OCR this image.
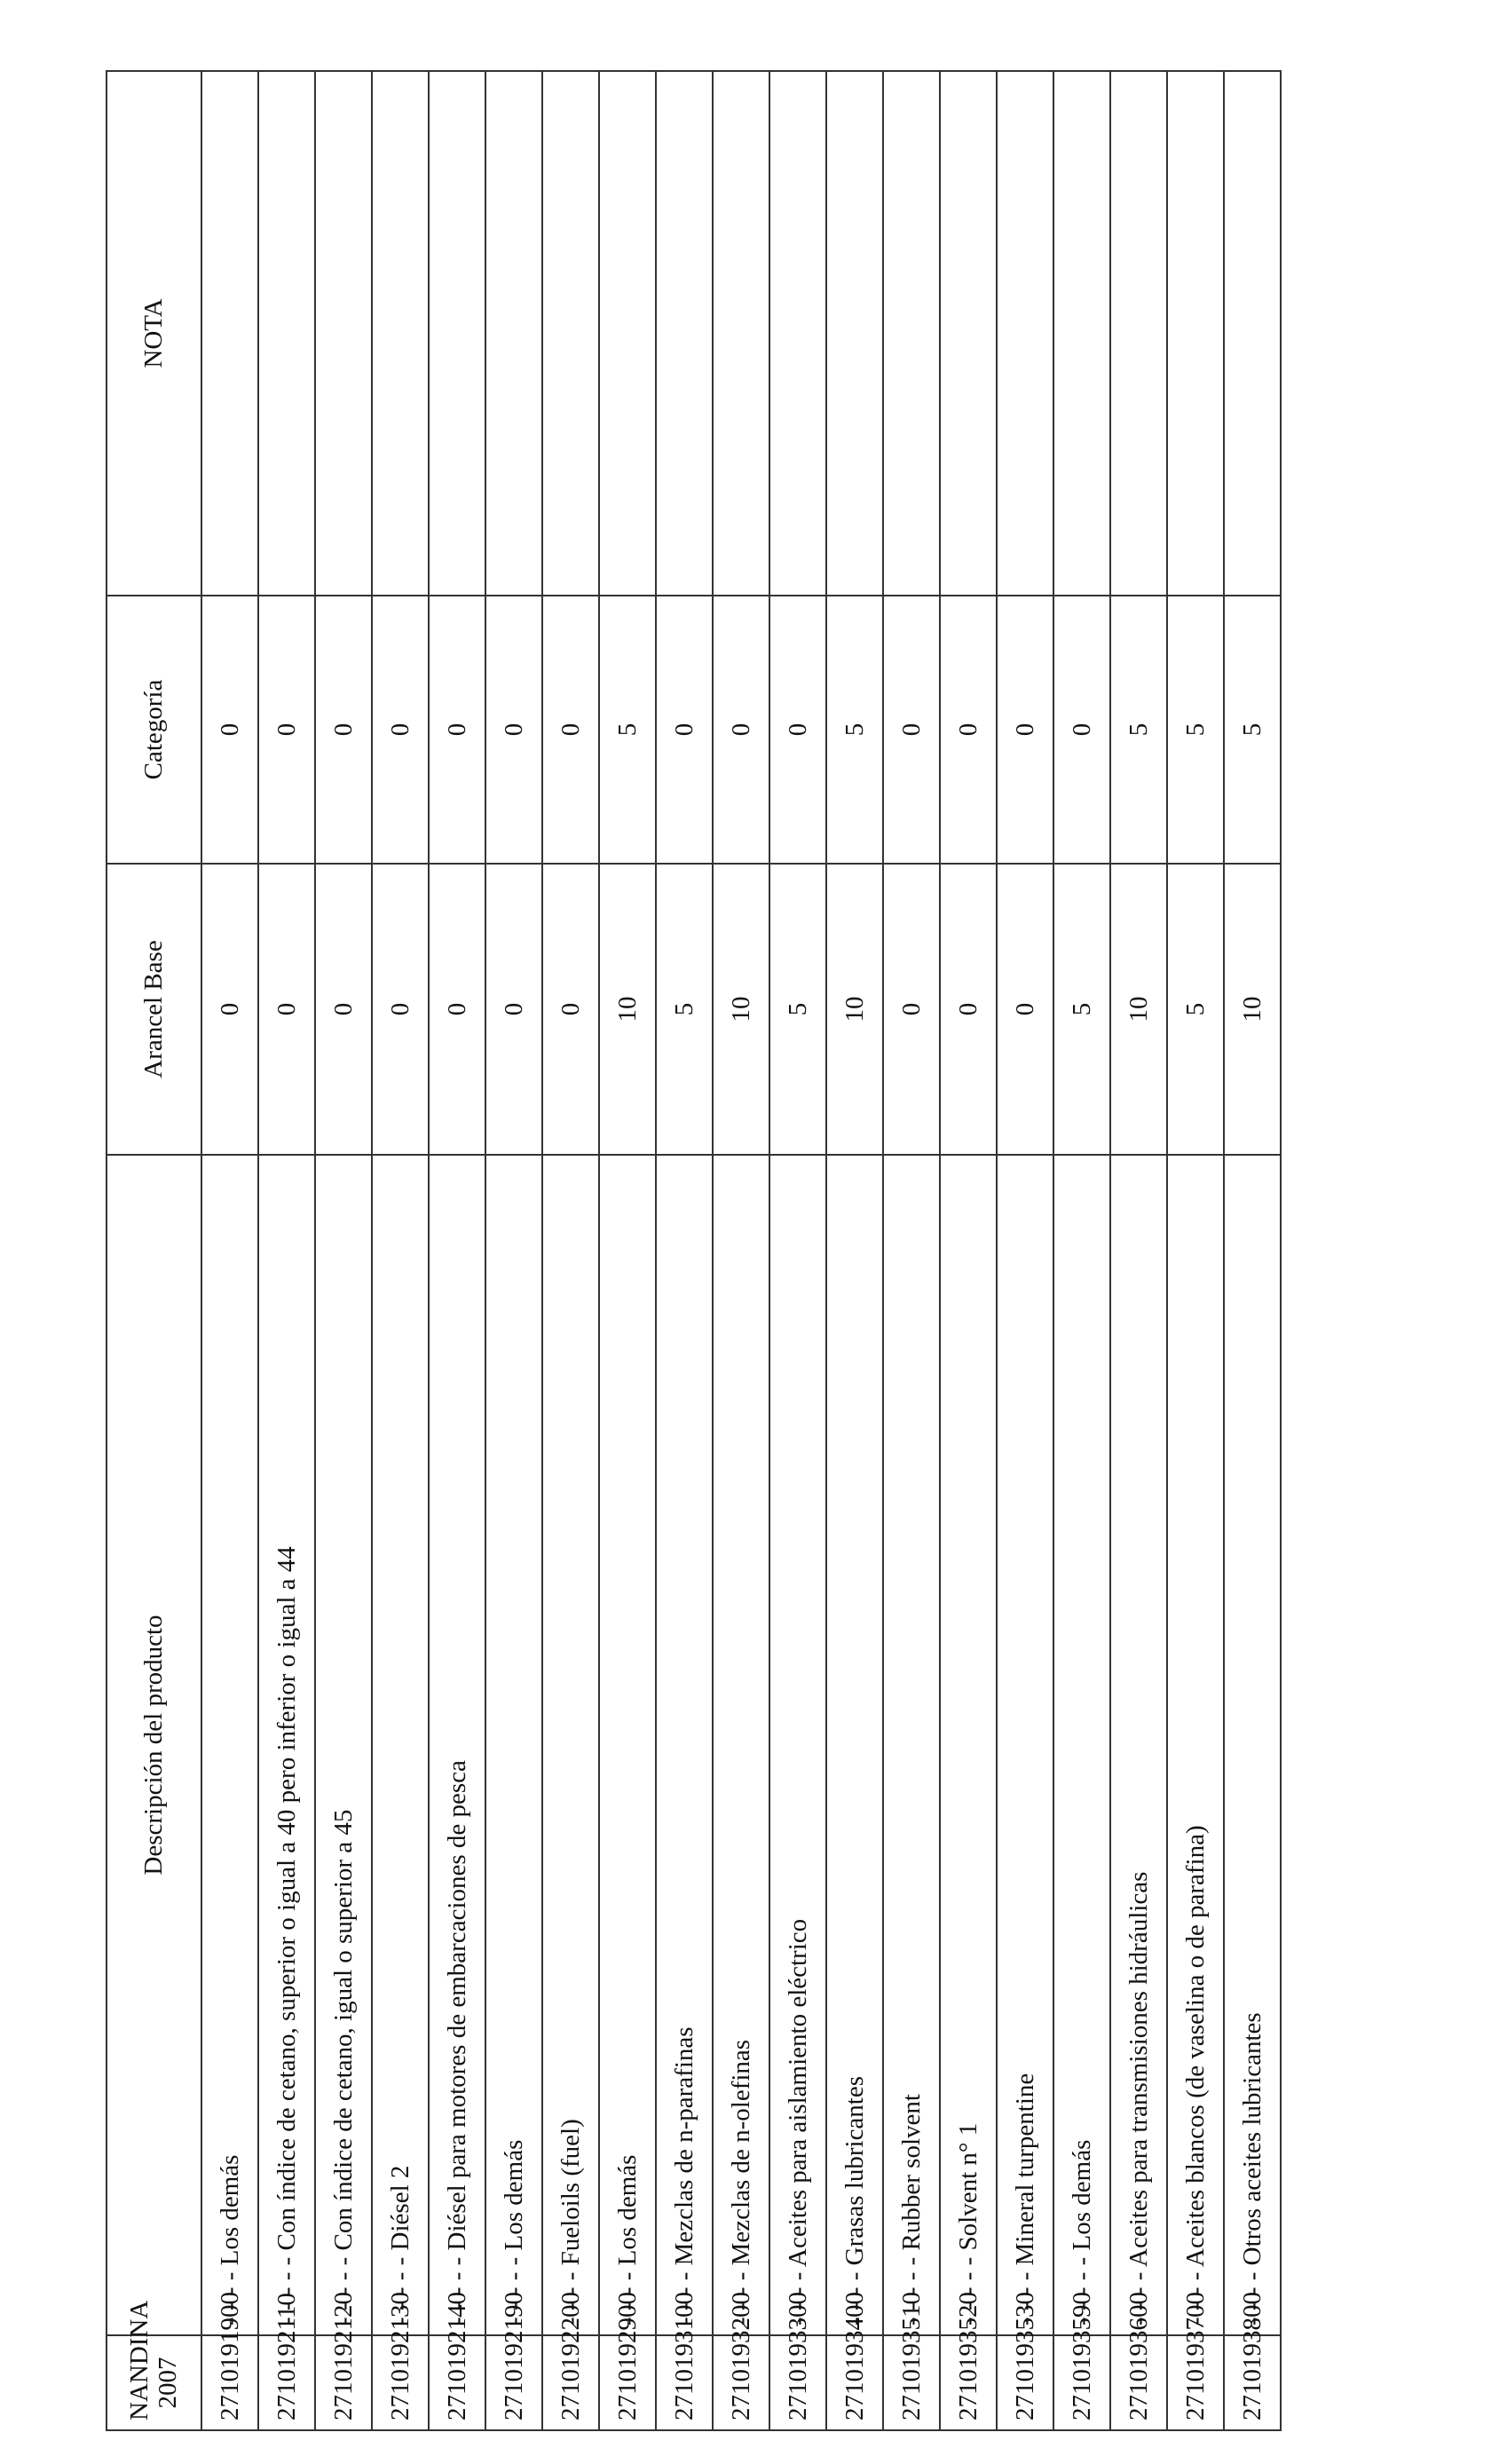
NANDINA 2007	Descripción del producto	Arancel Base	Categoría	NOTA
2710191900	- - - - Los demás	0	0	
2710192110	- - - - - Con índice de cetano, superior o igual a 40 pero inferior o igual a 44	0	0	
2710192120	- - - - - Con índice de cetano, igual o superior a 45	0	0	
2710192130	- - - - - Diésel 2	0	0	
2710192140	- - - - - Diésel para motores de embarcaciones de pesca	0	0	
2710192190	- - - - - Los demás	0	0	
2710192200	- - - - Fueloils (fuel)	0	0	
2710192900	- - - - Los demás	10	5	
2710193100	- - - - Mezclas de n-parafinas	5	0	
2710193200	- - - - Mezclas de n-olefinas	10	0	
2710193300	- - - - Aceites para aislamiento eléctrico	5	0	
2710193400	- - - - Grasas lubricantes	10	5	
2710193510	- - - - - Rubber solvent	0	0	
2710193520	- - - - - Solvent n° 1	0	0	
2710193530	- - - - Mineral turpentine	0	0	
2710193590	- - - - - Los demás	5	0	
2710193600	- - - - Aceites para transmisiones hidráulicas	10	5	
2710193700	- - - - Aceites blancos (de vaselina o de parafina)	5	5	
2710193800	- - - - Otros aceites lubricantes	10	5	
